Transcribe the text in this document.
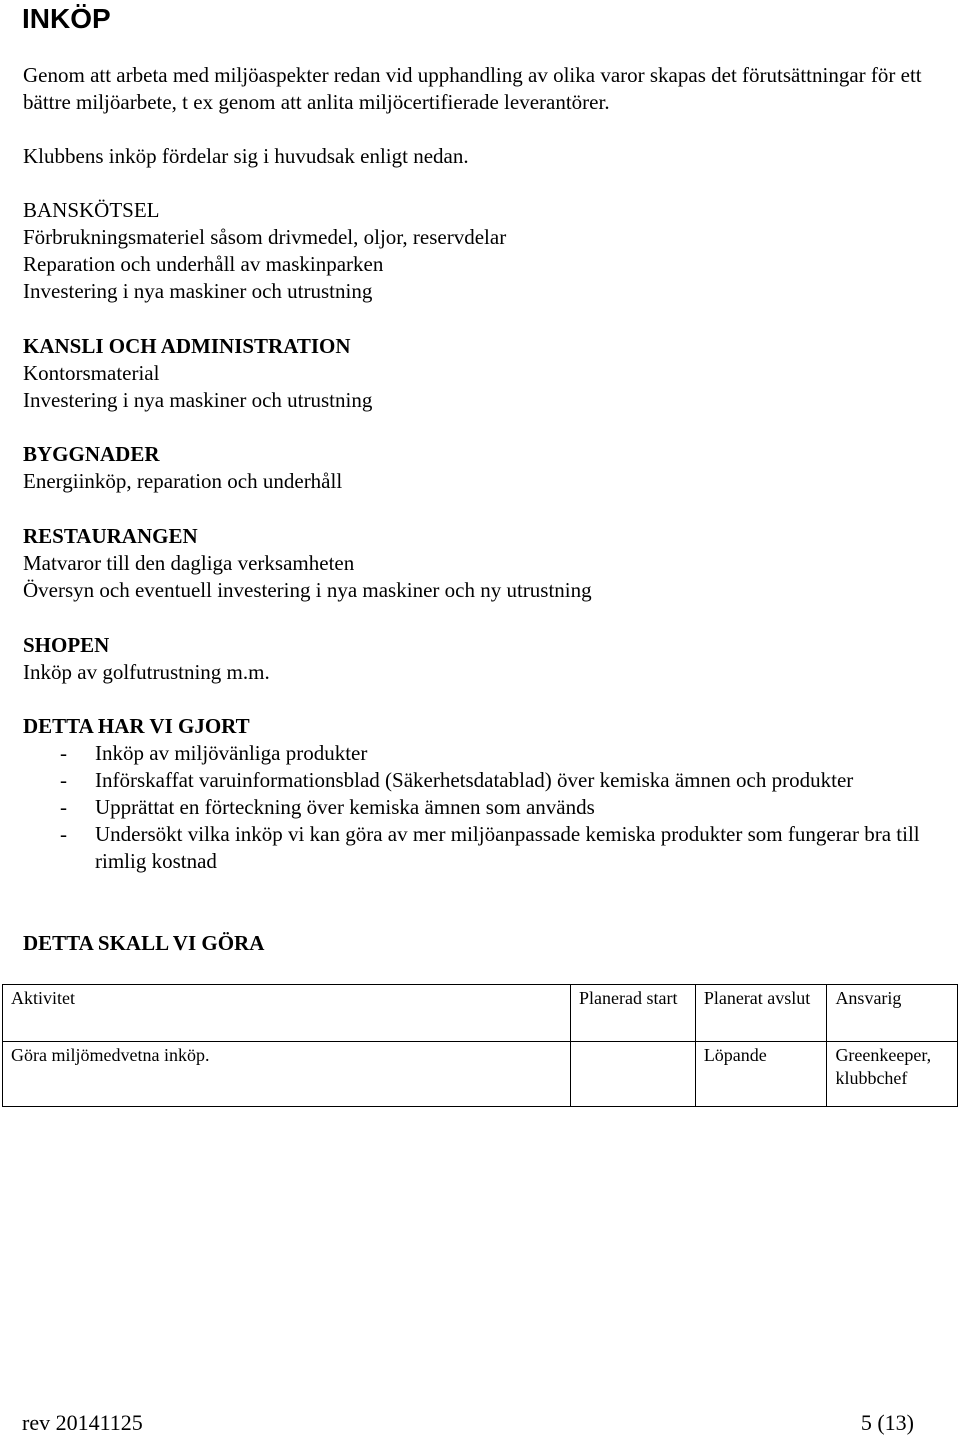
INKÖP

Genom att arbeta med miljöaspekter redan vid upphandling av olika varor skapas det förutsättningar för ett bättre miljöarbete, t ex genom att anlita miljöcertifierade leverantörer.

Klubbens inköp fördelar sig i huvudsak enligt nedan.

BANSKÖTSEL
Förbrukningsmateriel såsom drivmedel, oljor, reservdelar
Reparation och underhåll av maskinparken
Investering i nya maskiner och utrustning
KANSLI OCH ADMINISTRATION
Kontorsmaterial
Investering i nya maskiner och utrustning
BYGGNADER
Energiinköp, reparation och underhåll
RESTAURANGEN
Matvaror till den dagliga verksamheten
Översyn och eventuell investering i nya maskiner och ny utrustning
SHOPEN
Inköp av golfutrustning m.m.

DETTA HAR VI GJORT

- Inköp av miljövänliga produkter
- Införskaffat varuinformationsblad (Säkerhetsdatablad) över kemiska ämnen och produkter
- Upprättat en förteckning över kemiska ämnen som används
- Undersökt vilka inköp vi kan göra av mer miljöanpassade kemiska produkter som fungerar bra till rimlig kostnad

DETTA SKALL VI GÖRA

Aktivitet	Planerad start	Planerat avslut	Ansvarig
Göra miljömedvetna inköp.		Löpande	Greenkeeper, klubbchef

rev 20141125	5 (13)
